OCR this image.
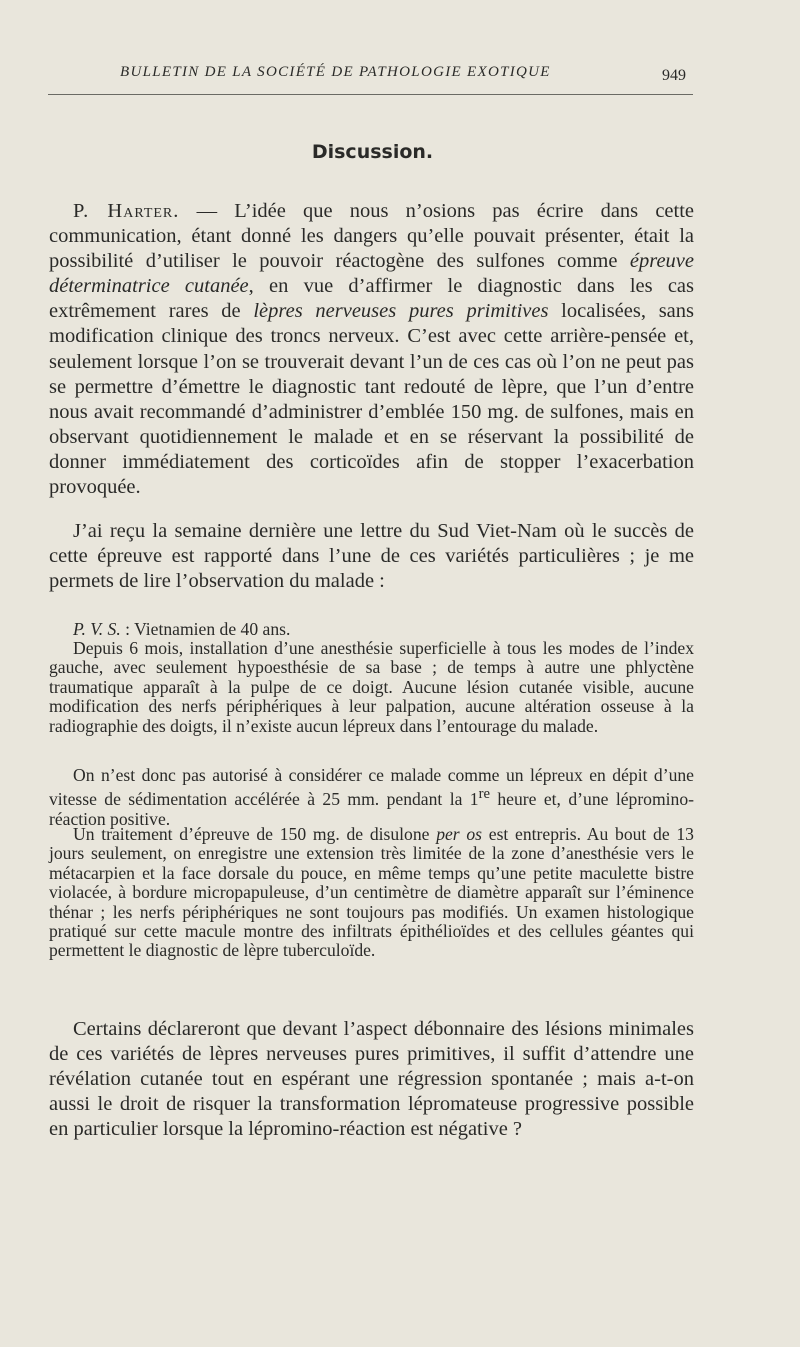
BULLETIN DE LA SOCIÉTÉ DE PATHOLOGIE EXOTIQUE	949
Discussion.

P. Harter. — L’idée que nous n’osions pas écrire dans cette communication, étant donné les dangers qu’elle pouvait présenter, était la possibilité d’utiliser le pouvoir réactogène des sulfones comme épreuve déterminatrice cutanée, en vue d’affirmer le diagnostic dans les cas extrêmement rares de lèpres nerveuses pures primitives localisées, sans modification clinique des troncs nerveux. C’est avec cette arrière-pensée et, seulement lorsque l’on se trouverait devant l’un de ces cas où l’on ne peut pas se permettre d’émettre le diagnostic tant redouté de lèpre, que l’un d’entre nous avait recommandé d’administrer d’emblée 150 mg. de sulfones, mais en observant quotidiennement le malade et en se réservant la possibilité de donner immédiatement des corticoïdes afin de stopper l’exacerbation provoquée.

J’ai reçu la semaine dernière une lettre du Sud Viet-Nam où le succès de cette épreuve est rapporté dans l’une de ces variétés particulières ; je me permets de lire l’observation du malade :

P. V. S. : Vietnamien de 40 ans.

Depuis 6 mois, installation d’une anesthésie superficielle à tous les modes de l’index gauche, avec seulement hypoesthésie de sa base ; de temps à autre une phlyctène traumatique apparaît à la pulpe de ce doigt. Aucune lésion cutanée visible, aucune modification des nerfs périphériques à leur palpation, aucune altération osseuse à la radiographie des doigts, il n’existe aucun lépreux dans l’entourage du malade.

On n’est donc pas autorisé à considérer ce malade comme un lépreux en dépit d’une vitesse de sédimentation accélérée à 25 mm. pendant la 1re heure et, d’une lépromino-réaction positive.

Un traitement d’épreuve de 150 mg. de disulone per os est entrepris. Au bout de 13 jours seulement, on enregistre une extension très limitée de la zone d’anesthésie vers le métacarpien et la face dorsale du pouce, en même temps qu’une petite maculette bistre violacée, à bordure micropapuleuse, d’un centimètre de diamètre apparaît sur l’éminence thénar ; les nerfs périphériques ne sont toujours pas modifiés. Un examen histologique pratiqué sur cette macule montre des infiltrats épithélioïdes et des cellules géantes qui permettent le diagnostic de lèpre tuberculoïde.

Certains déclareront que devant l’aspect débonnaire des lésions minimales de ces variétés de lèpres nerveuses pures primitives, il suffit d’attendre une révélation cutanée tout en espérant une régression spontanée ; mais a-t-on aussi le droit de risquer la transformation lépromateuse progressive possible en particulier lorsque la lépromino-réaction est négative ?
